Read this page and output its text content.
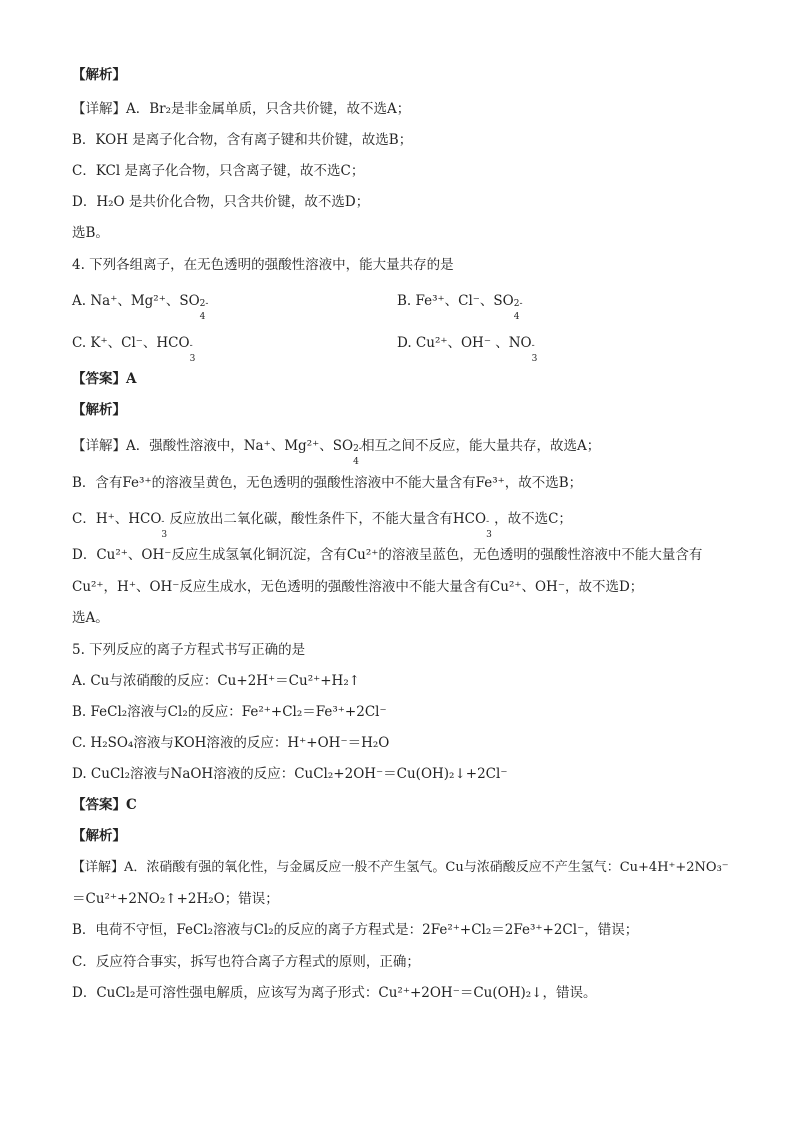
【解析】
【详解】A．Br₂是非金属单质，只含共价键，故不选A；
B．KOH 是离子化合物，含有离子键和共价键，故选B；
C．KCl 是离子化合物，只含离子键，故不选C；
D．H₂O 是共价化合物，只含共价键，故不选D；
选B。
4. 下列各组离子，在无色透明的强酸性溶液中，能大量共存的是
A. Na⁺、Mg²⁺、SO 2-
4
B. Fe³⁺、Cl⁻、SO 2-
4
C. K⁺、Cl⁻、HCO -
3
D. Cu²⁺、OH⁻ 、NO -
3
【答案】A
【解析】
【详解】A．强酸性溶液中，Na⁺、Mg²⁺、SO 2-
4
相互之间不反应，能大量共存，故选A；
B．含有Fe³⁺的溶液呈黄色，无色透明的强酸性溶液中不能大量含有Fe³⁺，故不选B；
C．H⁺、HCO -
3
反应放出二氧化碳，酸性条件下，不能大量含有HCO -
3
，故不选C；
D．Cu²⁺、OH⁻反应生成氢氧化铜沉淀，含有Cu²⁺的溶液呈蓝色，无色透明的强酸性溶液中不能大量含有
Cu²⁺，H⁺、OH⁻反应生成水，无色透明的强酸性溶液中不能大量含有Cu²⁺、OH⁻，故不选D；
选A。
5. 下列反应的离子方程式书写正确的是
A. Cu与浓硝酸的反应：Cu+2H⁺＝Cu²⁺+H₂↑
B. FeCl₂溶液与Cl₂的反应：Fe²⁺+Cl₂＝Fe³⁺+2Cl⁻
C. H₂SO₄溶液与KOH溶液的反应：H⁺+OH⁻＝H₂O
D. CuCl₂溶液与NaOH溶液的反应：CuCl₂+2OH⁻＝Cu(OH)₂↓+2Cl⁻
【答案】C
【解析】
【详解】A．浓硝酸有强的氧化性，与金属反应一般不产生氢气。Cu与浓硝酸反应不产生氢气：Cu+4H⁺+2NO₃⁻
＝Cu²⁺+2NO₂↑+2H₂O；错误；
B．电荷不守恒，FeCl₂溶液与Cl₂的反应的离子方程式是：2Fe²⁺+Cl₂＝2Fe³⁺+2Cl⁻，错误；
C．反应符合事实，拆写也符合离子方程式的原则，正确；
D．CuCl₂是可溶性强电解质，应该写为离子形式：Cu²⁺+2OH⁻＝Cu(OH)₂↓，错误。
